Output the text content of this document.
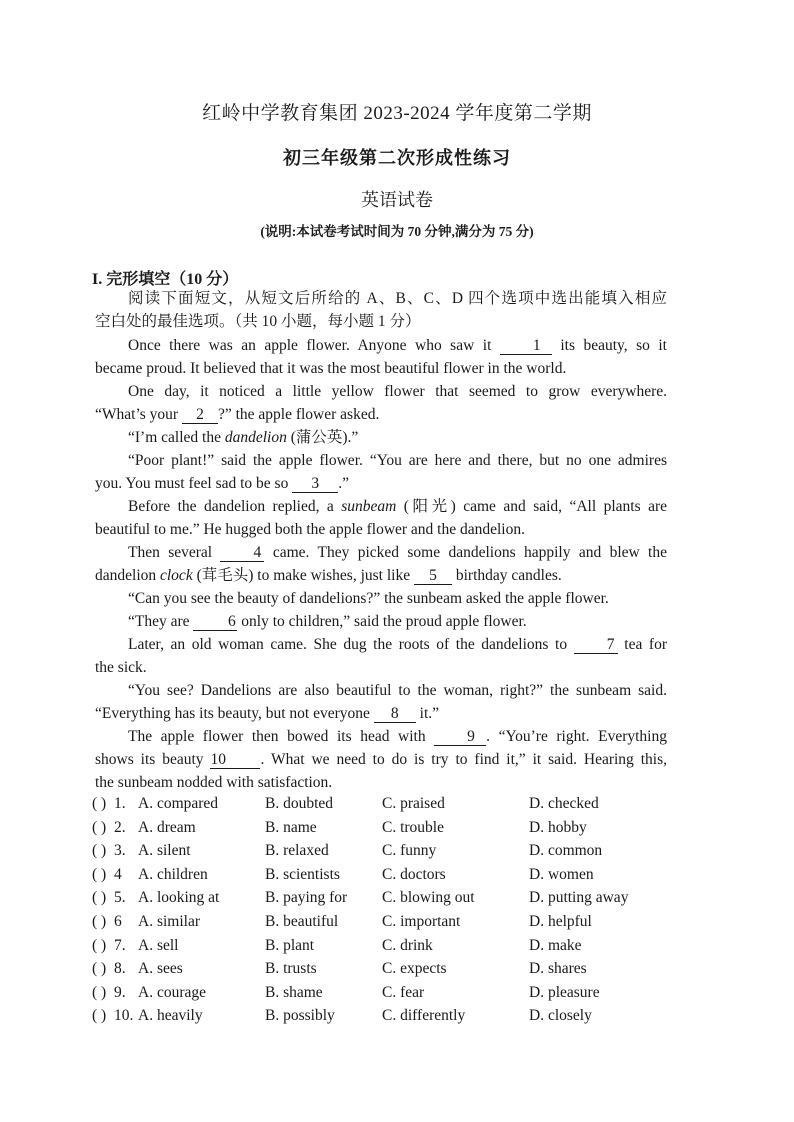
红岭中学教育集团 2023-2024 学年度第二学期
初三年级第二次形成性练习
英语试卷
(说明:本试卷考试时间为 70 分钟,满分为 75 分)
I. 完形填空（10 分）
阅读下面短文，从短文后所给的 A、B、C、D 四个选项中选出能填入相应
空白处的最佳选项。（共 10 小题，每小题 1 分）
Once there was an apple flower. Anyone who saw it 1 its beauty, so it
became proud. It believed that it was the most beautiful flower in the world.
One day, it noticed a little yellow flower that seemed to grow everywhere.
“What’s your 2 ?” the apple flower asked.
“I’m called the dandelion (蒲公英).”
“Poor plant!” said the apple flower. “You are here and there, but no one admires
you. You must feel sad to be so 3 .”
Before the dandelion replied, a sunbeam (阳光) came and said, “All plants are
beautiful to me.” He hugged both the apple flower and the dandelion.
Then several 4 came. They picked some dandelions happily and blew the
dandelion clock (茸毛头) to make wishes, just like 5 birthday candles.
“Can you see the beauty of dandelions?” the sunbeam asked the apple flower.
“They are 6 only to children,” said the proud apple flower.
Later, an old woman came. She dug the roots of the dandelions to 7 tea for
the sick.
“You see? Dandelions are also beautiful to the woman, right?” the sunbeam said.
“Everything has its beauty, but not everyone 8 it.”
The apple flower then bowed its head with 9 . “You’re right. Everything
shows its beauty 10 . What we need to do is try to find it,” it said. Hearing this,
the sunbeam nodded with satisfaction.
( ) 1. A. compared	B. doubted	C. praised	D. checked
( ) 2. A. dream	B. name	C. trouble	D. hobby
( ) 3. A. silent	B. relaxed	C. funny	D. common
( ) 4 A. children	B. scientists	C. doctors	D. women
( ) 5. A. looking at	B. paying for C. blowing out	D. putting away
( ) 6 A. similar	B. beautiful	C. important	D. helpful
( ) 7. A. sell	B. plant	C. drink	D. make
( ) 8. A. sees	B. trusts	C. expects	D. shares
( ) 9. A. courage	B. shame	C. fear	D. pleasure
( ) 10. A. heavily	B. possibly	C. differently	D. closely
